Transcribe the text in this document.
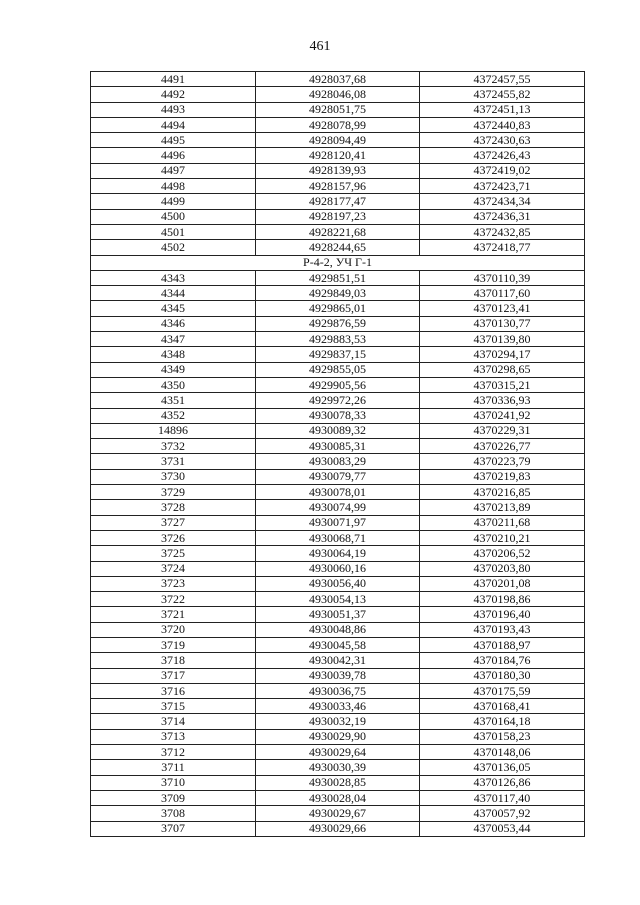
461
4491	4928037,68	4372457,55
4492	4928046,08	4372455,82
4493	4928051,75	4372451,13
4494	4928078,99	4372440,83
4495	4928094,49	4372430,63
4496	4928120,41	4372426,43
4497	4928139,93	4372419,02
4498	4928157,96	4372423,71
4499	4928177,47	4372434,34
4500	4928197,23	4372436,31
4501	4928221,68	4372432,85
4502	4928244,65	4372418,77
Р-4-2, УЧ Г-1		
4343	4929851,51	4370110,39
4344	4929849,03	4370117,60
4345	4929865,01	4370123,41
4346	4929876,59	4370130,77
4347	4929883,53	4370139,80
4348	4929837,15	4370294,17
4349	4929855,05	4370298,65
4350	4929905,56	4370315,21
4351	4929972,26	4370336,93
4352	4930078,33	4370241,92
14896	4930089,32	4370229,31
3732	4930085,31	4370226,77
3731	4930083,29	4370223,79
3730	4930079,77	4370219,83
3729	4930078,01	4370216,85
3728	4930074,99	4370213,89
3727	4930071,97	4370211,68
3726	4930068,71	4370210,21
3725	4930064,19	4370206,52
3724	4930060,16	4370203,80
3723	4930056,40	4370201,08
3722	4930054,13	4370198,86
3721	4930051,37	4370196,40
3720	4930048,86	4370193,43
3719	4930045,58	4370188,97
3718	4930042,31	4370184,76
3717	4930039,78	4370180,30
3716	4930036,75	4370175,59
3715	4930033,46	4370168,41
3714	4930032,19	4370164,18
3713	4930029,90	4370158,23
3712	4930029,64	4370148,06
3711	4930030,39	4370136,05
3710	4930028,85	4370126,86
3709	4930028,04	4370117,40
3708	4930029,67	4370057,92
3707	4930029,66	4370053,44
